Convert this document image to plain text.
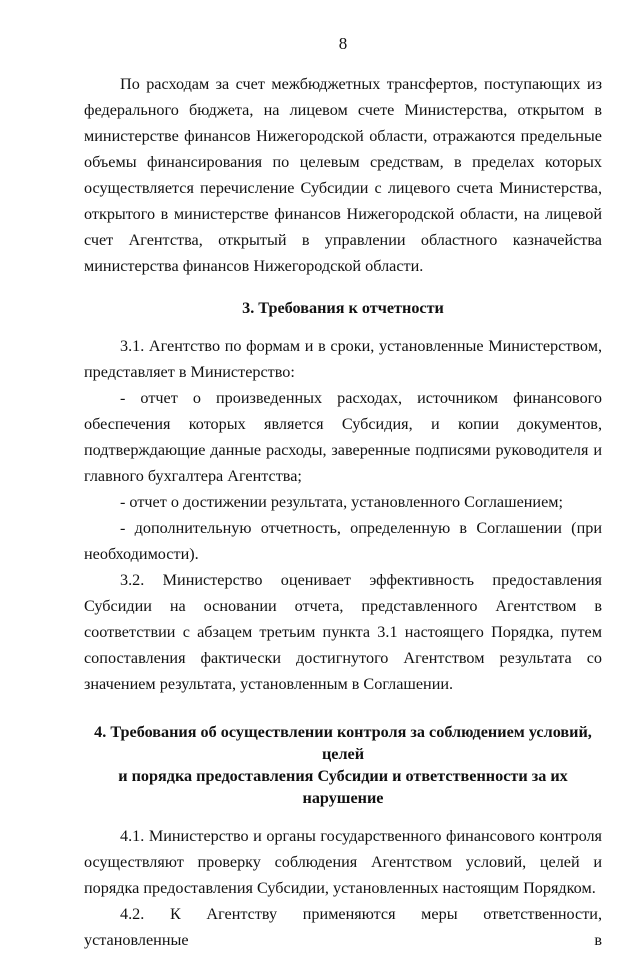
8

По расходам за счет межбюджетных трансфертов, поступающих из федерального бюджета, на лицевом счете Министерства, открытом в министерстве финансов Нижегородской области, отражаются предельные объемы финансирования по целевым средствам, в пределах которых осуществляется перечисление Субсидии с лицевого счета Министерства, открытого в министерстве финансов Нижегородской области, на лицевой счет Агентства, открытый в управлении областного казначейства министерства финансов Нижегородской области.

3. Требования к отчетности

3.1. Агентство по формам и в сроки, установленные Министерством, представляет в Министерство:

- отчет о произведенных расходах, источником финансового обеспечения которых является Субсидия, и копии документов, подтверждающие данные расходы, заверенные подписями руководителя и главного бухгалтера Агентства;

- отчет о достижении результата, установленного Соглашением;

- дополнительную отчетность, определенную в Соглашении (при необходимости).

3.2. Министерство оценивает эффективность предоставления Субсидии на основании отчета, представленного Агентством в соответствии с абзацем третьим пункта 3.1 настоящего Порядка, путем сопоставления фактически достигнутого Агентством результата со значением результата, установленным в Соглашении.

4. Требования об осуществлении контроля за соблюдением условий, целей
и порядка предоставления Субсидии и ответственности за их нарушение

4.1. Министерство и органы государственного финансового контроля осуществляют проверку соблюдения Агентством условий, целей и порядка предоставления Субсидии, установленных настоящим Порядком.

4.2. К Агентству применяются меры ответственности, установленные в
